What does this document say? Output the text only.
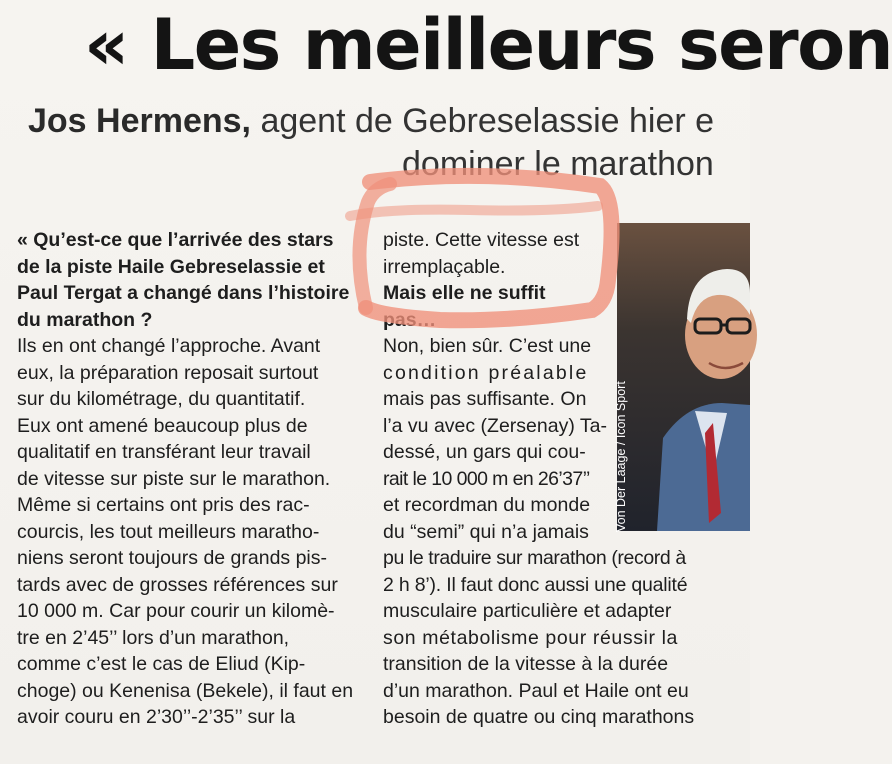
« Les meilleurs seron
Jos Hermens, agent de Gebreselassie hier e
dominer le marathon
« Qu’est-ce que l’arrivée des stars
de la piste Haile Gebreselassie et
Paul Tergat a changé dans l’histoire
du marathon ?
Ils en ont changé l’approche. Avant
eux, la préparation reposait surtout
sur du kilométrage, du quantitatif.
Eux ont amené beaucoup plus de
qualitatif en transférant leur travail
de vitesse sur piste sur le marathon.
Même si certains ont pris des rac-
courcis, les tout meilleurs maratho-
niens seront toujours de grands pis-
tards avec de grosses références sur
10 000 m. Car pour courir un kilomè-
tre en 2’45’’ lors d’un marathon,
comme c’est le cas de Eliud (Kip-
choge) ou Kenenisa (Bekele), il faut en
avoir couru en 2’30’’-2’35’’ sur la
piste. Cette vitesse est
irremplaçable.
Mais elle ne suffit
pas…
Non, bien sûr. C’est une
condition préalable
mais pas suffisante. On
l’a vu avec (Zersenay) Ta-
dessé, un gars qui cou-
rait le 10 000 m en 26’37’’
et recordman du monde
du “semi” qui n’a jamais
pu le traduire sur marathon (record à
2 h 8’). Il faut donc aussi une qualité
musculaire particulière et adapter
son métabolisme pour réussir la
transition de la vitesse à la durée
d’un marathon. Paul et Haile ont eu
besoin de quatre ou cinq marathons
Von Der Laage / Icon Sport
